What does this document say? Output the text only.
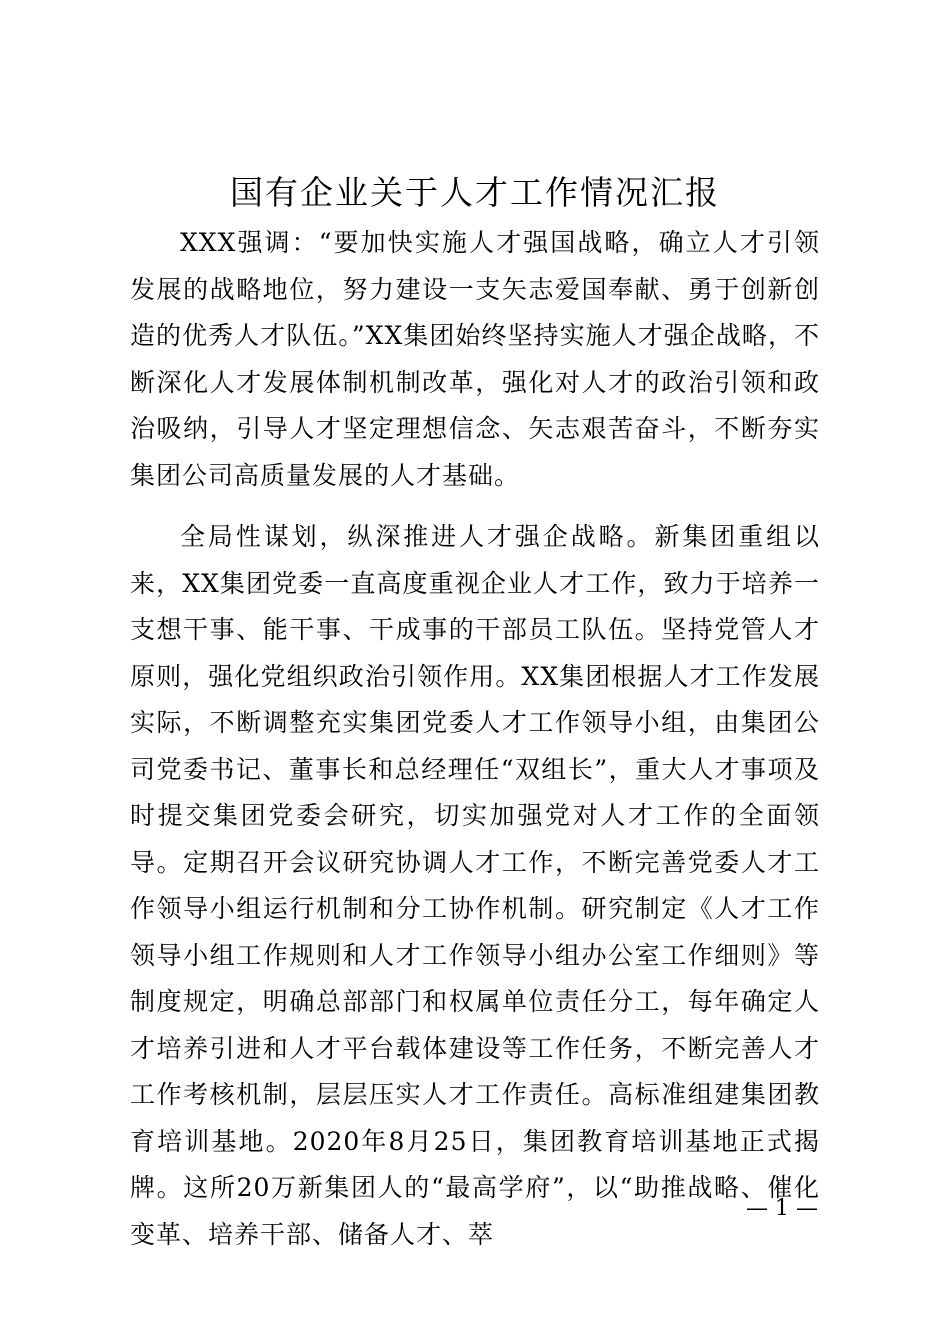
国有企业关于人才工作情况汇报

XXX强调：“要加快实施人才强国战略，确立人才引领发展的战略地位，努力建设一支矢志爱国奉献、勇于创新创造的优秀人才队伍。”XX集团始终坚持实施人才强企战略，不断深化人才发展体制机制改革，强化对人才的政治引领和政治吸纳，引导人才坚定理想信念、矢志艰苦奋斗，不断夯实集团公司高质量发展的人才基础。

全局性谋划，纵深推进人才强企战略。新集团重组以来，XX集团党委一直高度重视企业人才工作，致力于培养一支想干事、能干事、干成事的干部员工队伍。坚持党管人才原则，强化党组织政治引领作用。XX集团根据人才工作发展实际，不断调整充实集团党委人才工作领导小组，由集团公司党委书记、董事长和总经理任“双组长”，重大人才事项及时提交集团党委会研究，切实加强党对人才工作的全面领导。定期召开会议研究协调人才工作，不断完善党委人才工作领导小组运行机制和分工协作机制。研究制定《人才工作领导小组工作规则和人才工作领导小组办公室工作细则》等制度规定，明确总部部门和权属单位责任分工，每年确定人才培养引进和人才平台载体建设等工作任务，不断完善人才工作考核机制，层层压实人才工作责任。高标准组建集团教育培训基地。2020年8月25日，集团教育培训基地正式揭牌。这所20万新集团人的“最高学府”，以“助推战略、催化变革、培养干部、储备人才、萃

— 1 —
